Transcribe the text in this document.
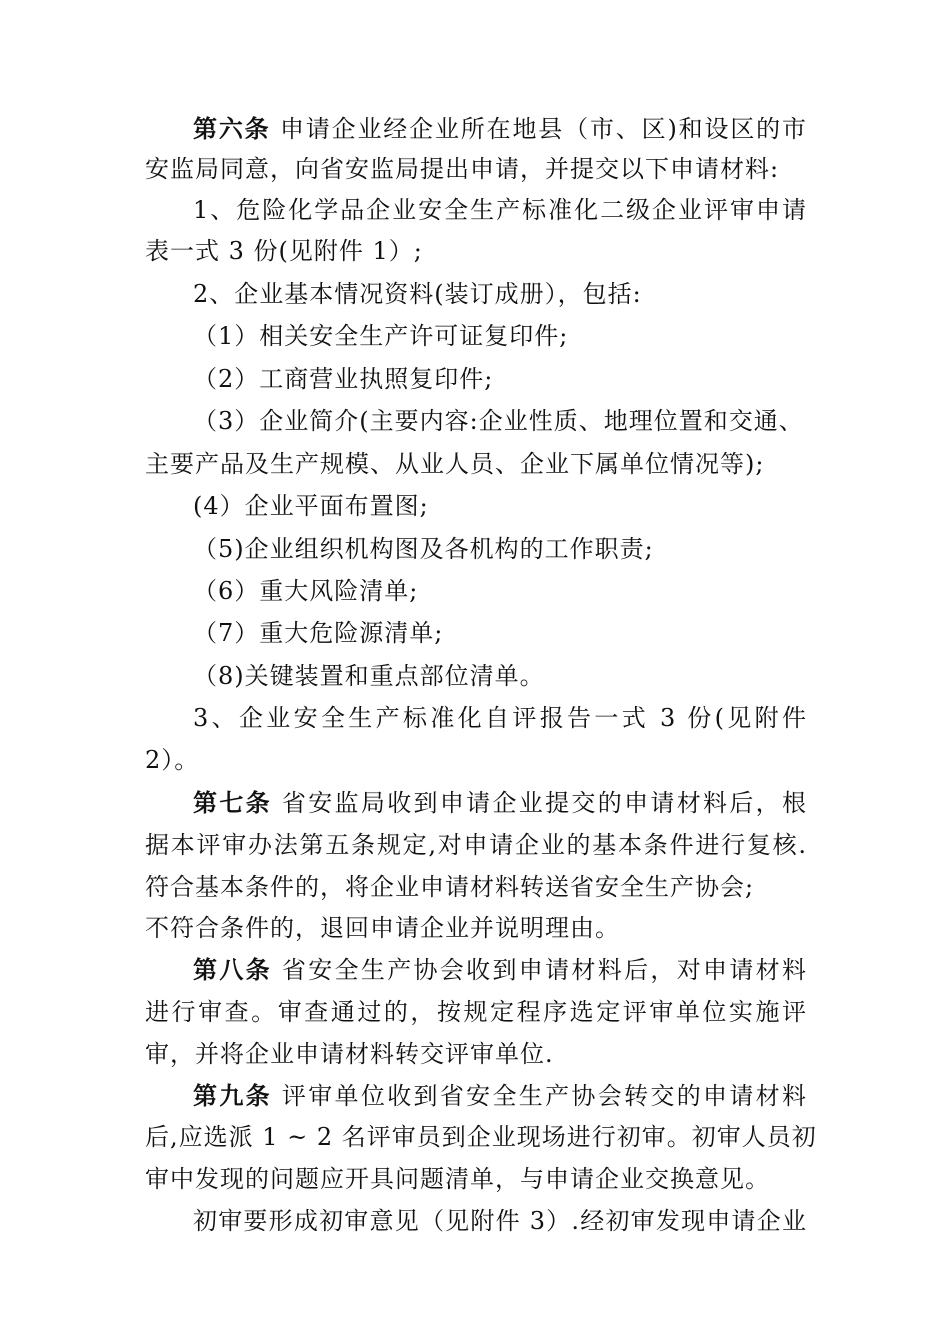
第六条 申请企业经企业所在地县（市、区)和设区的市
安监局同意，向省安监局提出申请，并提交以下申请材料:
1、危险化学品企业安全生产标准化二级企业评审申请
表一式 3 份(见附件 1）;
2、企业基本情况资料(装订成册），包括:
（1）相关安全生产许可证复印件;
（2）工商营业执照复印件;
（3）企业简介(主要内容:企业性质、地理位置和交通、
主要产品及生产规模、从业人员、企业下属单位情况等);
(4）企业平面布置图;
（5)企业组织机构图及各机构的工作职责;
（6）重大风险清单;
（7）重大危险源清单;
（8)关键装置和重点部位清单。
3、企业安全生产标准化自评报告一式 3 份(见附件
2）。
第七条 省安监局收到申请企业提交的申请材料后，根
据本评审办法第五条规定,对申请企业的基本条件进行复核.
符合基本条件的，将企业申请材料转送省安全生产协会;
不符合条件的，退回申请企业并说明理由。
第八条 省安全生产协会收到申请材料后，对申请材料
进行审查。审查通过的，按规定程序选定评审单位实施评
审，并将企业申请材料转交评审单位.
第九条 评审单位收到省安全生产协会转交的申请材料
后,应选派 1 ~ 2 名评审员到企业现场进行初审。初审人员初
审中发现的问题应开具问题清单，与申请企业交换意见。
初审要形成初审意见（见附件 3）.经初审发现申请企业
